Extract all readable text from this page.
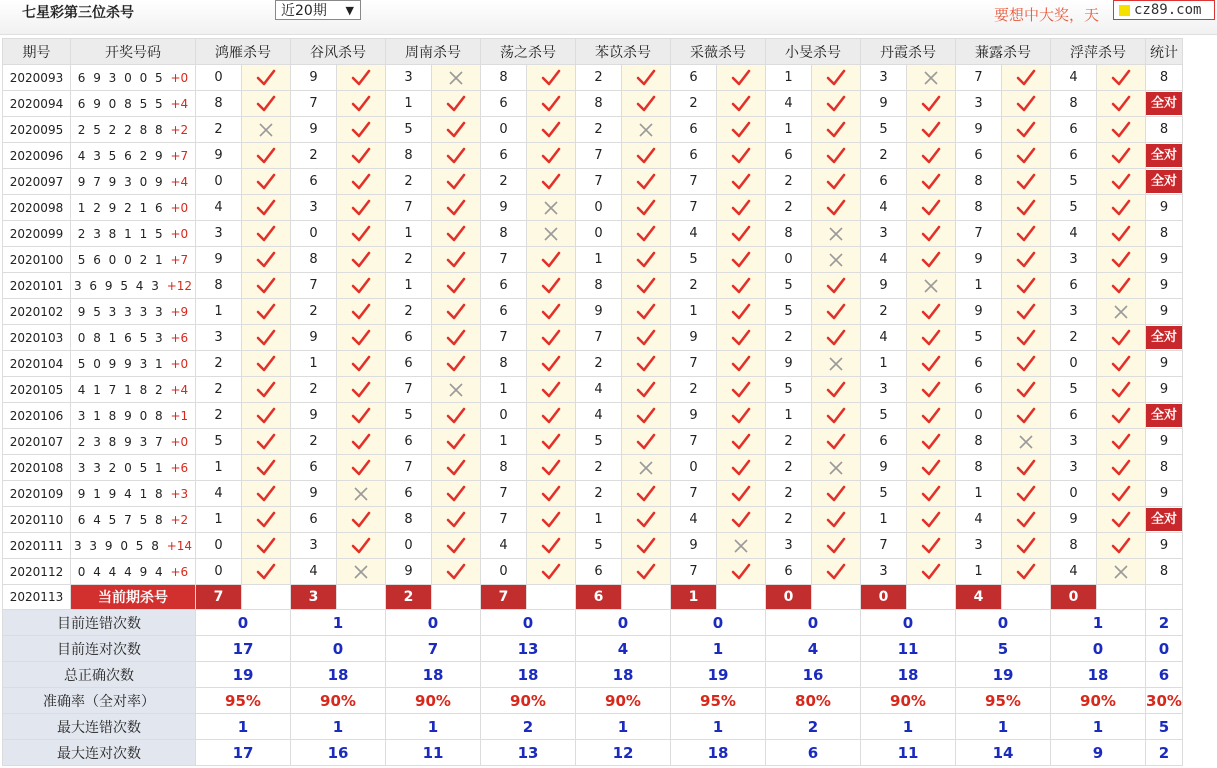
七星彩第三位杀号	近20期 ▼	要想中大奖，天	cz89.com
期号	开奖号码	鸿雁杀号		谷风杀号		周南杀号		荡之杀号		苯苡杀号		采薇杀号		小旻杀号		丹霞杀号		蒹露杀号		浮萍杀号		统计
2020093	6 9 3 0 0 5 +0	0		9		3		8		2		6		1		3		7		4		8
2020094	6 9 0 8 5 5 +4	8		7		1		6		8		2		4		9		3		8		全对
2020095	2 5 2 2 8 8 +2	2		9		5		0		2		6		1		5		9		6		8
2020096	4 3 5 6 2 9 +7	9		2		8		6		7		6		6		2		6		6		全对
2020097	9 7 9 3 0 9 +4	0		6		2		2		7		7		2		6		8		5		全对
2020098	1 2 9 2 1 6 +0	4		3		7		9		0		7		2		4		8		5		9
2020099	2 3 8 1 1 5 +0	3		0		1		8		0		4		8		3		7		4		8
2020100	5 6 0 0 2 1 +7	9		8		2		7		1		5		0		4		9		3		9
2020101	3 6 9 5 4 3 +12	8		7		1		6		8		2		5		9		1		6		9
2020102	9 5 3 3 3 3 +9	1		2		2		6		9		1		5		2		9		3		9
2020103	0 8 1 6 5 3 +6	3		9		6		7		7		9		2		4		5		2		全对
2020104	5 0 9 9 3 1 +0	2		1		6		8		2		7		9		1		6		0		9
2020105	4 1 7 1 8 2 +4	2		2		7		1		4		2		5		3		6		5		9
2020106	3 1 8 9 0 8 +1	2		9		5		0		4		9		1		5		0		6		全对
2020107	2 3 8 9 3 7 +0	5		2		6		1		5		7		2		6		8		3		9
2020108	3 3 2 0 5 1 +6	1		6		7		8		2		0		2		9		8		3		8
2020109	9 1 9 4 1 8 +3	4		9		6		7		2		7		2		5		1		0		9
2020110	6 4 5 7 5 8 +2	1		6		8		7		1		4		2		1		4		9		全对
2020111	3 3 9 0 5 8 +14	0		3		0		4		5		9		3		7		3		8		9
2020112	0 4 4 4 9 4 +6	0		4		9		0		6		7		6		3		1		4		8
2020113	当前期杀号	7		3		2		7		6		1		0		0		4		0		
目前连错次数		0		1		0		0		0		0		0		0		0		1		2
目前连对次数		17		0		7		13		4		1		4		11		5		0		0
总正确次数		19		18		18		18		18		19		16		18		19		18		6
准确率（全对率）		95%		90%		90%		90%		90%		95%		80%		90%		95%		90%		30%
最大连错次数		1		1		1		2		1		1		2		1		1		1		5
最大连对次数		17		16		11		13		12		18		6		11		14		9		2
